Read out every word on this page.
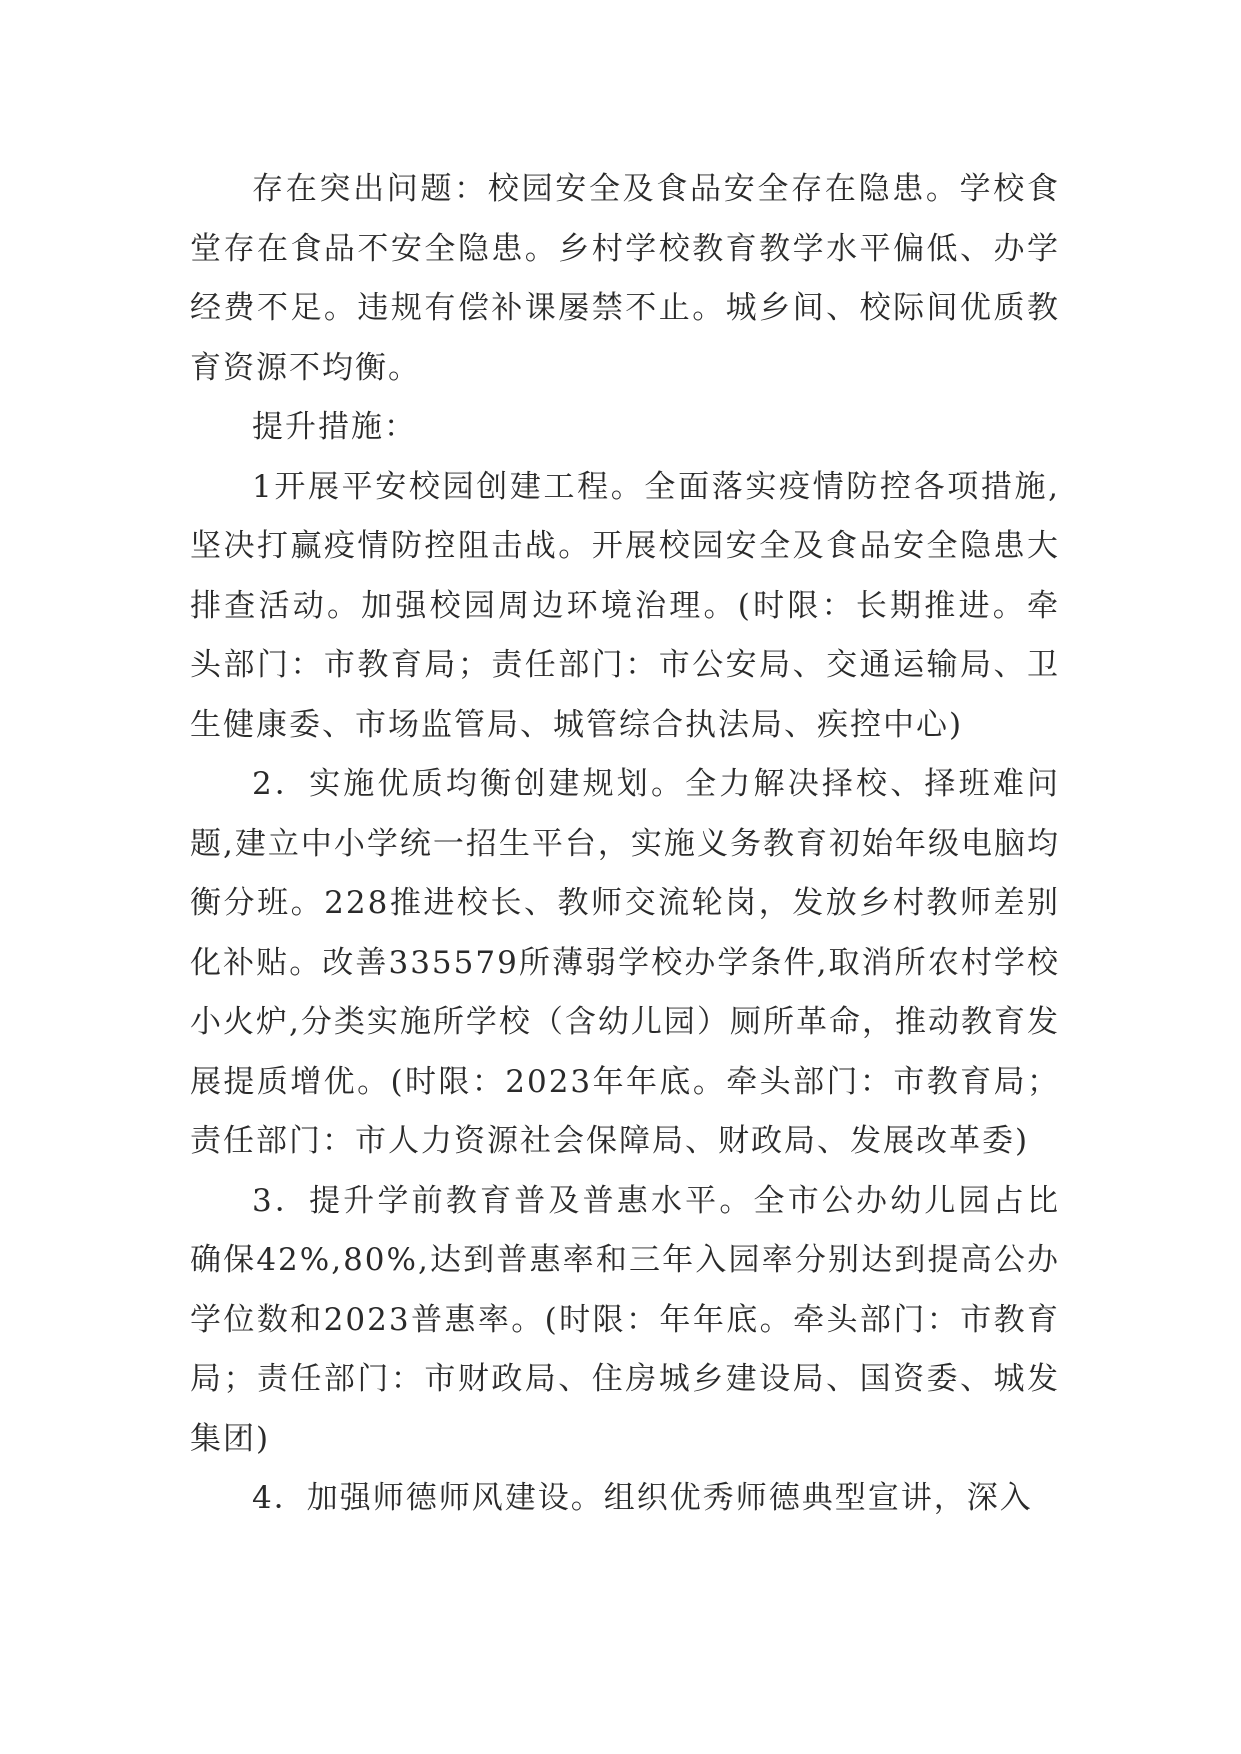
存在突出问题：校园安全及食品安全存在隐患。学校食堂存在食品不安全隐患。乡村学校教育教学水平偏低、办学经费不足。违规有偿补课屡禁不止。城乡间、校际间优质教育资源不均衡。

提升措施：

1开展平安校园创建工程。全面落实疫情防控各项措施,坚决打赢疫情防控阻击战。开展校园安全及食品安全隐患大排查活动。加强校园周边环境治理。(时限：长期推进。牵头部门：市教育局；责任部门：市公安局、交通运输局、卫生健康委、市场监管局、城管综合执法局、疾控中心)

2．实施优质均衡创建规划。全力解决择校、择班难问题,建立中小学统一招生平台，实施义务教育初始年级电脑均衡分班。228推进校长、教师交流轮岗，发放乡村教师差别化补贴。改善335579所薄弱学校办学条件,取消所农村学校小火炉,分类实施所学校（含幼儿园）厕所革命，推动教育发展提质增优。(时限：2023年年底。牵头部门：市教育局；责任部门：市人力资源社会保障局、财政局、发展改革委)

3．提升学前教育普及普惠水平。全市公办幼儿园占比确保42%,80%,达到普惠率和三年入园率分别达到提高公办学位数和2023普惠率。(时限：年年底。牵头部门：市教育局；责任部门：市财政局、住房城乡建设局、国资委、城发集团)

4．加强师德师风建设。组织优秀师德典型宣讲，深入
